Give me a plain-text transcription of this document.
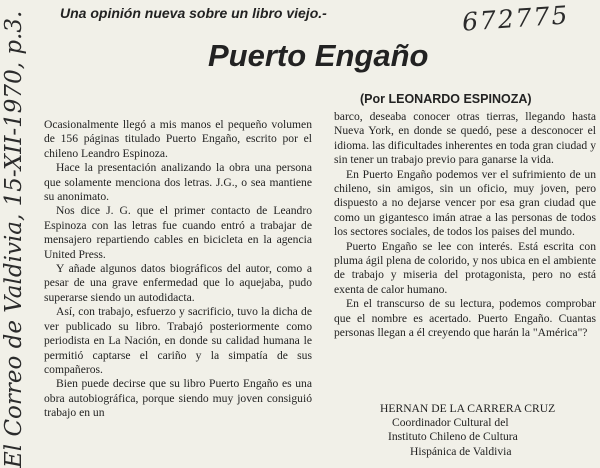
672775
El Correo de Valdivia, 15-XII-1970, p.3. Una opinión nueva sobre un libro viejo.-
Puerto Engaño
(Por LEONARDO ESPINOZA)

Ocasionalmente llegó a mis manos el pequeño volumen de 156 páginas titulado Puerto Engaño, escrito por el chileno Leandro Espinoza.

Hace la presentación analizando la obra una persona que solamente menciona dos letras. J.G., o sea mantiene su anonimato.

Nos dice J. G. que el primer contacto de Leandro Espinoza con las letras fue cuando entró a trabajar de mensajero repartiendo cables en bicicleta en la agencia United Press.

Y añade algunos datos biográficos del autor, como a pesar de una grave enfermedad que lo aquejaba, pudo superarse siendo un autodidacta.

Así, con trabajo, esfuerzo y sacrificio, tuvo la dicha de ver publicado su libro. Trabajó posteriormente como periodista en La Nación, en donde su calidad humana le permitió captarse el cariño y la simpatía de sus compañeros.

Bien puede decirse que su libro Puerto Engaño es una obra autobiográfica, porque siendo muy joven consiguió trabajo en un

barco, deseaba conocer otras tierras, llegando hasta Nueva York, en donde se quedó, pese a desconocer el idioma. las dificultades inherentes en toda gran ciudad y sin tener un trabajo previo para ganarse la vida.

En Puerto Engaño podemos ver el sufrimiento de un chileno, sin amigos, sin un oficio, muy joven, pero dispuesto a no dejarse vencer por esa gran ciudad que como un gigantesco imán atrae a las personas de todos los sectores sociales, de todos los paises del mundo.

Puerto Engaño se lee con interés. Está escrita con pluma ágil plena de colorido, y nos ubica en el ambiente de trabajo y miseria del protagonista, pero no está exenta de calor humano.

En el transcurso de su lectura, podemos comprobar que el nombre es acertado. Puerto Engaño. Cuantas personas llegan a él creyendo que harán la "América"?

HERNAN DE LA CARRERA CRUZ
Coordinador Cultural del
Instituto Chileno de Cultura
Hispánica de Valdivia
